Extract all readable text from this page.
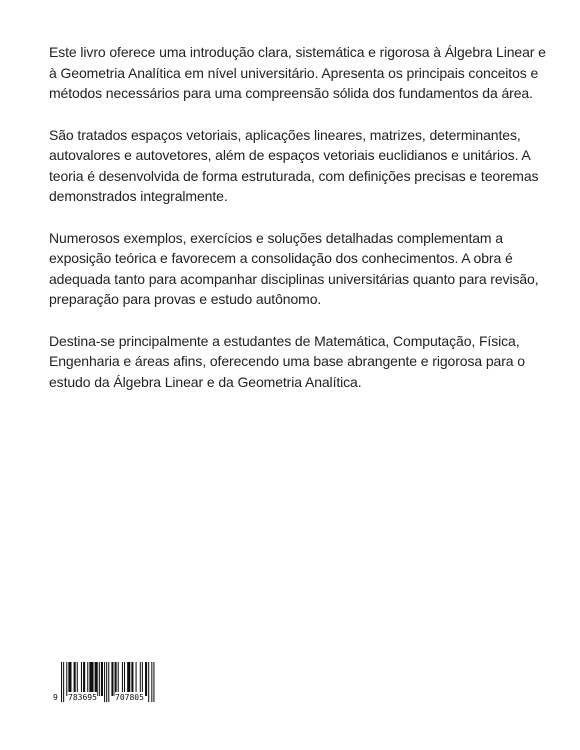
Este livro oferece uma introdução clara, sistemática e rigorosa à Álgebra Linear e à Geometria Analítica em nível universitário. Apresenta os principais conceitos e métodos necessários para uma compreensão sólida dos fundamentos da área.

São tratados espaços vetoriais, aplicações lineares, matrizes, determinantes, autovalores e autovetores, além de espaços vetoriais euclidianos e unitários. A teoria é desenvolvida de forma estruturada, com definições precisas e teoremas demonstrados integralmente.

Numerosos exemplos, exercícios e soluções detalhadas complementam a exposição teórica e favorecem a consolidação dos conhecimentos. A obra é adequada tanto para acompanhar disciplinas universitárias quanto para revisão, preparação para provas e estudo autônomo.

Destina-se principalmente a estudantes de Matemática, Computação, Física, Engenharia e áreas afins, oferecendo uma base abrangente e rigorosa para o estudo da Álgebra Linear e da Geometria Analítica.

9 783695 707805
